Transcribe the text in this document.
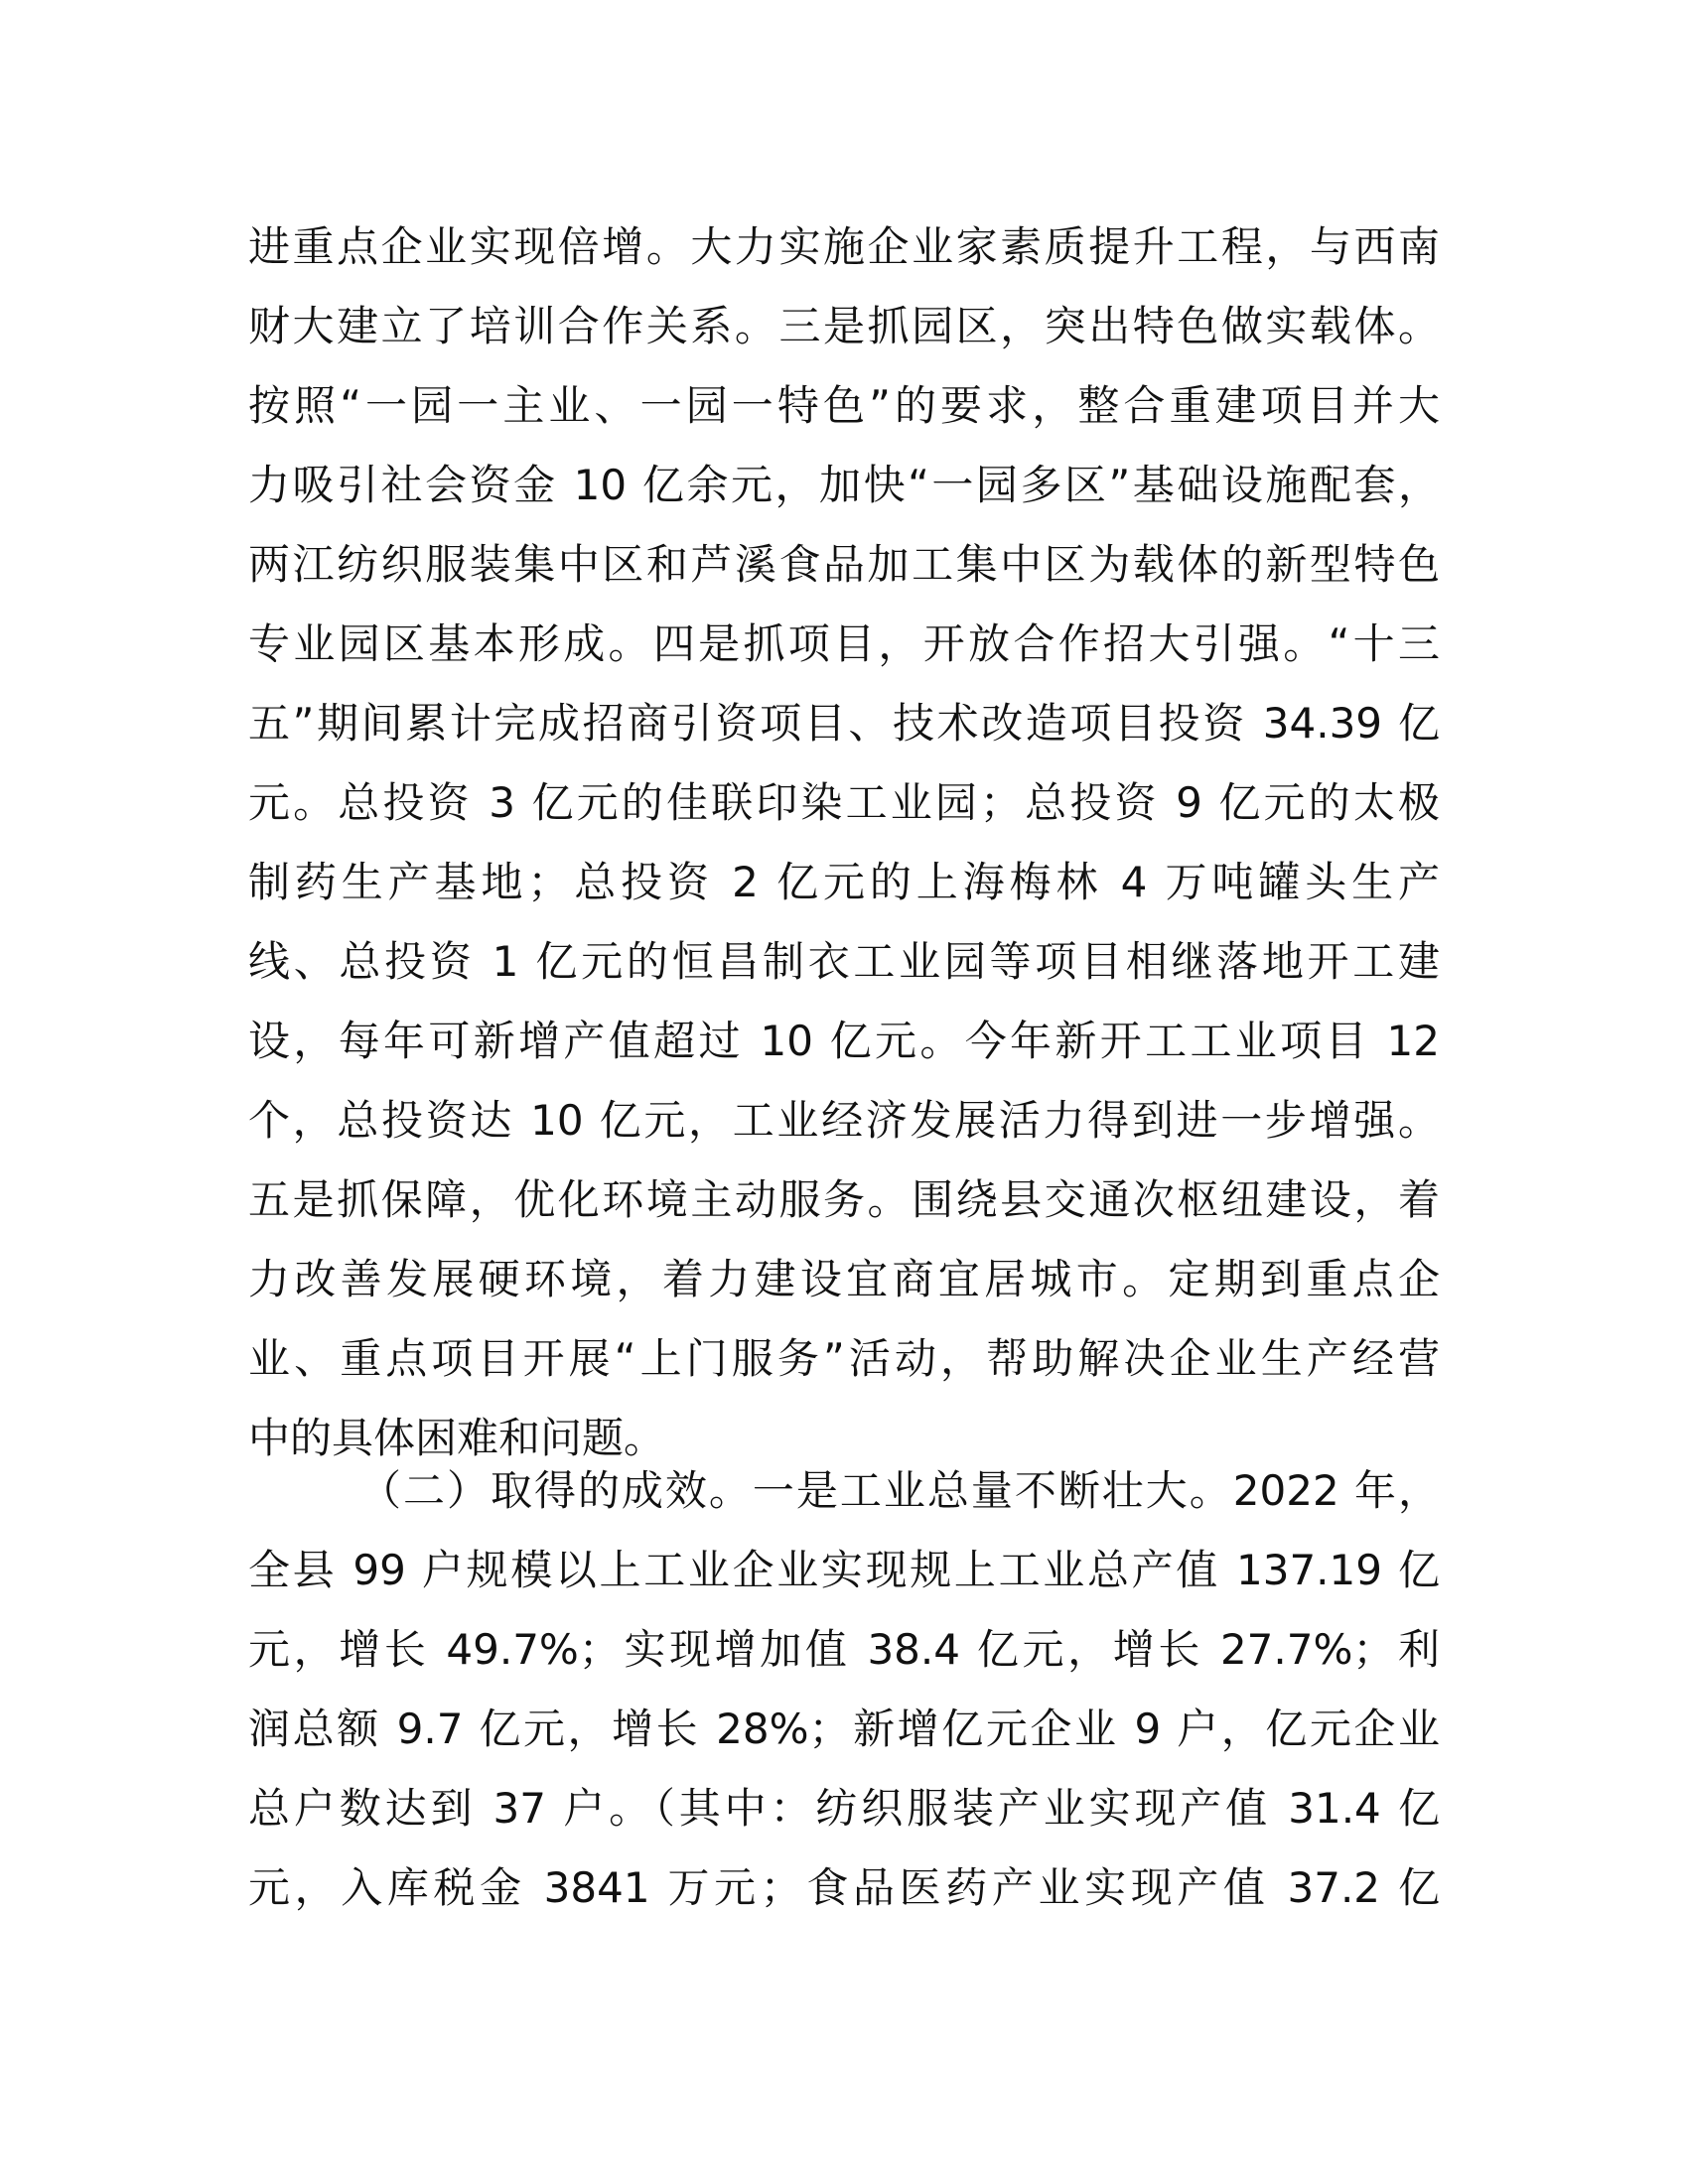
进重点企业实现倍增。大力实施企业家素质提升工程，与西南
财大建立了培训合作关系。三是抓园区，突出特色做实载体。
按照“一园一主业、一园一特色”的要求，整合重建项目并大
力吸引社会资金 10 亿余元，加快“一园多区”基础设施配套，
两江纺织服装集中区和芦溪食品加工集中区为载体的新型特色
专业园区基本形成。四是抓项目，开放合作招大引强。“十三
五”期间累计完成招商引资项目、技术改造项目投资 34.39 亿
元。总投资 3 亿元的佳联印染工业园；总投资 9 亿元的太极
制药生产基地；总投资 2 亿元的上海梅林 4 万吨罐头生产
线、总投资 1 亿元的恒昌制衣工业园等项目相继落地开工建
设，每年可新增产值超过 10 亿元。今年新开工工业项目 12
个，总投资达 10 亿元，工业经济发展活力得到进一步增强。
五是抓保障，优化环境主动服务。围绕县交通次枢纽建设，着
力改善发展硬环境，着力建设宜商宜居城市。定期到重点企
业、重点项目开展“上门服务”活动，帮助解决企业生产经营
中的具体困难和问题。
（二）取得的成效。一是工业总量不断壮大。2022 年，
全县 99 户规模以上工业企业实现规上工业总产值 137.19 亿
元，增长 49.7%；实现增加值 38.4 亿元，增长 27.7%；利
润总额 9.7 亿元，增长 28%；新增亿元企业 9 户，亿元企业
总户数达到 37 户。（其中：纺织服装产业实现产值 31.4 亿
元，入库税金 3841 万元；食品医药产业实现产值 37.2 亿
